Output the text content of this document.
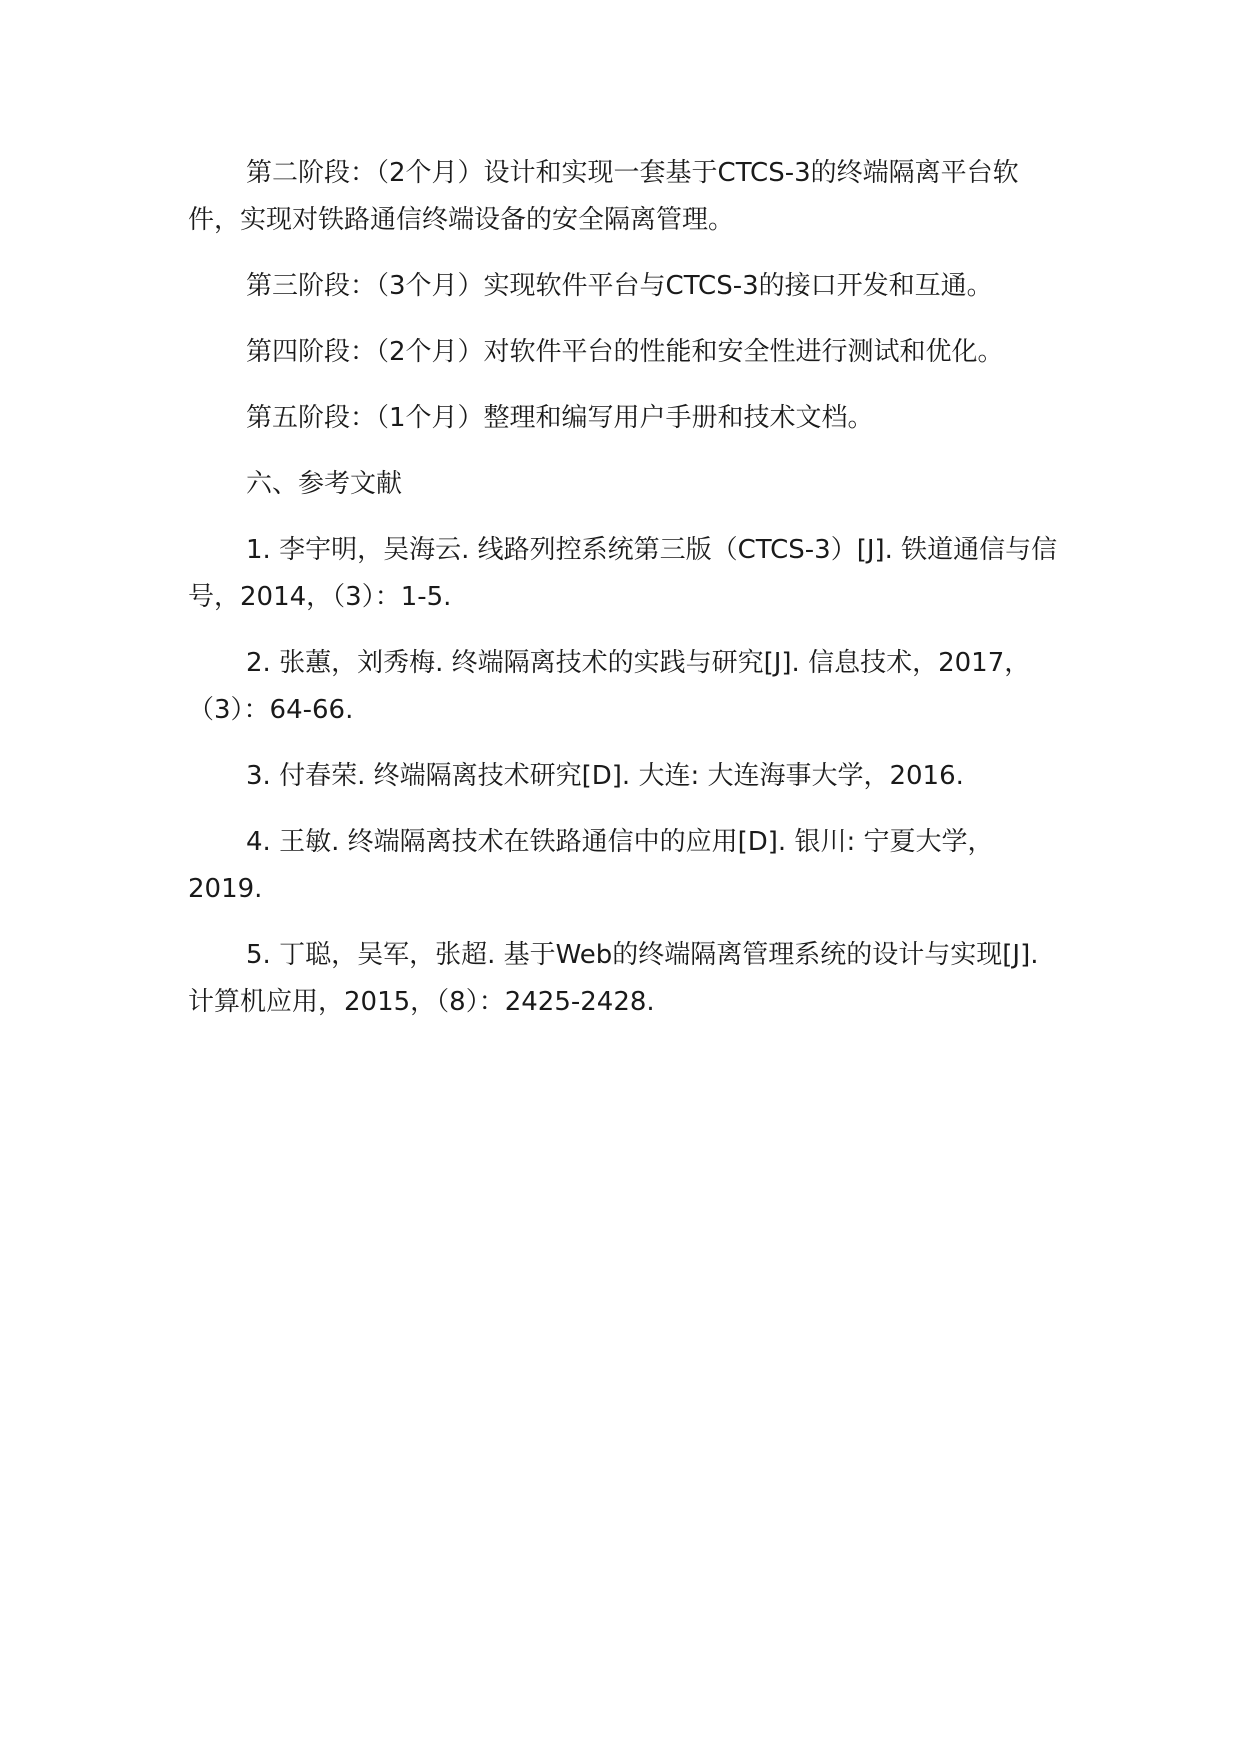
第二阶段：（2个月）设计和实现一套基于CTCS-3的终端隔离平台软件，实现对铁路通信终端设备的安全隔离管理。

第三阶段：（3个月）实现软件平台与CTCS-3的接口开发和互通。

第四阶段：（2个月）对软件平台的性能和安全性进行测试和优化。

第五阶段：（1个月）整理和编写用户手册和技术文档。

六、参考文献

1. 李宇明，吴海云. 线路列控系统第三版（CTCS-3）[J]. 铁道通信与信号，2014，（3）：1-5.

2. 张蕙，刘秀梅. 终端隔离技术的实践与研究[J]. 信息技术，2017，（3）：64-66.

3. 付春荣. 终端隔离技术研究[D]. 大连: 大连海事大学，2016.

4. 王敏. 终端隔离技术在铁路通信中的应用[D]. 银川: 宁夏大学，2019.

5. 丁聪，吴军，张超. 基于Web的终端隔离管理系统的设计与实现[J]. 计算机应用，2015，（8）：2425-2428.
